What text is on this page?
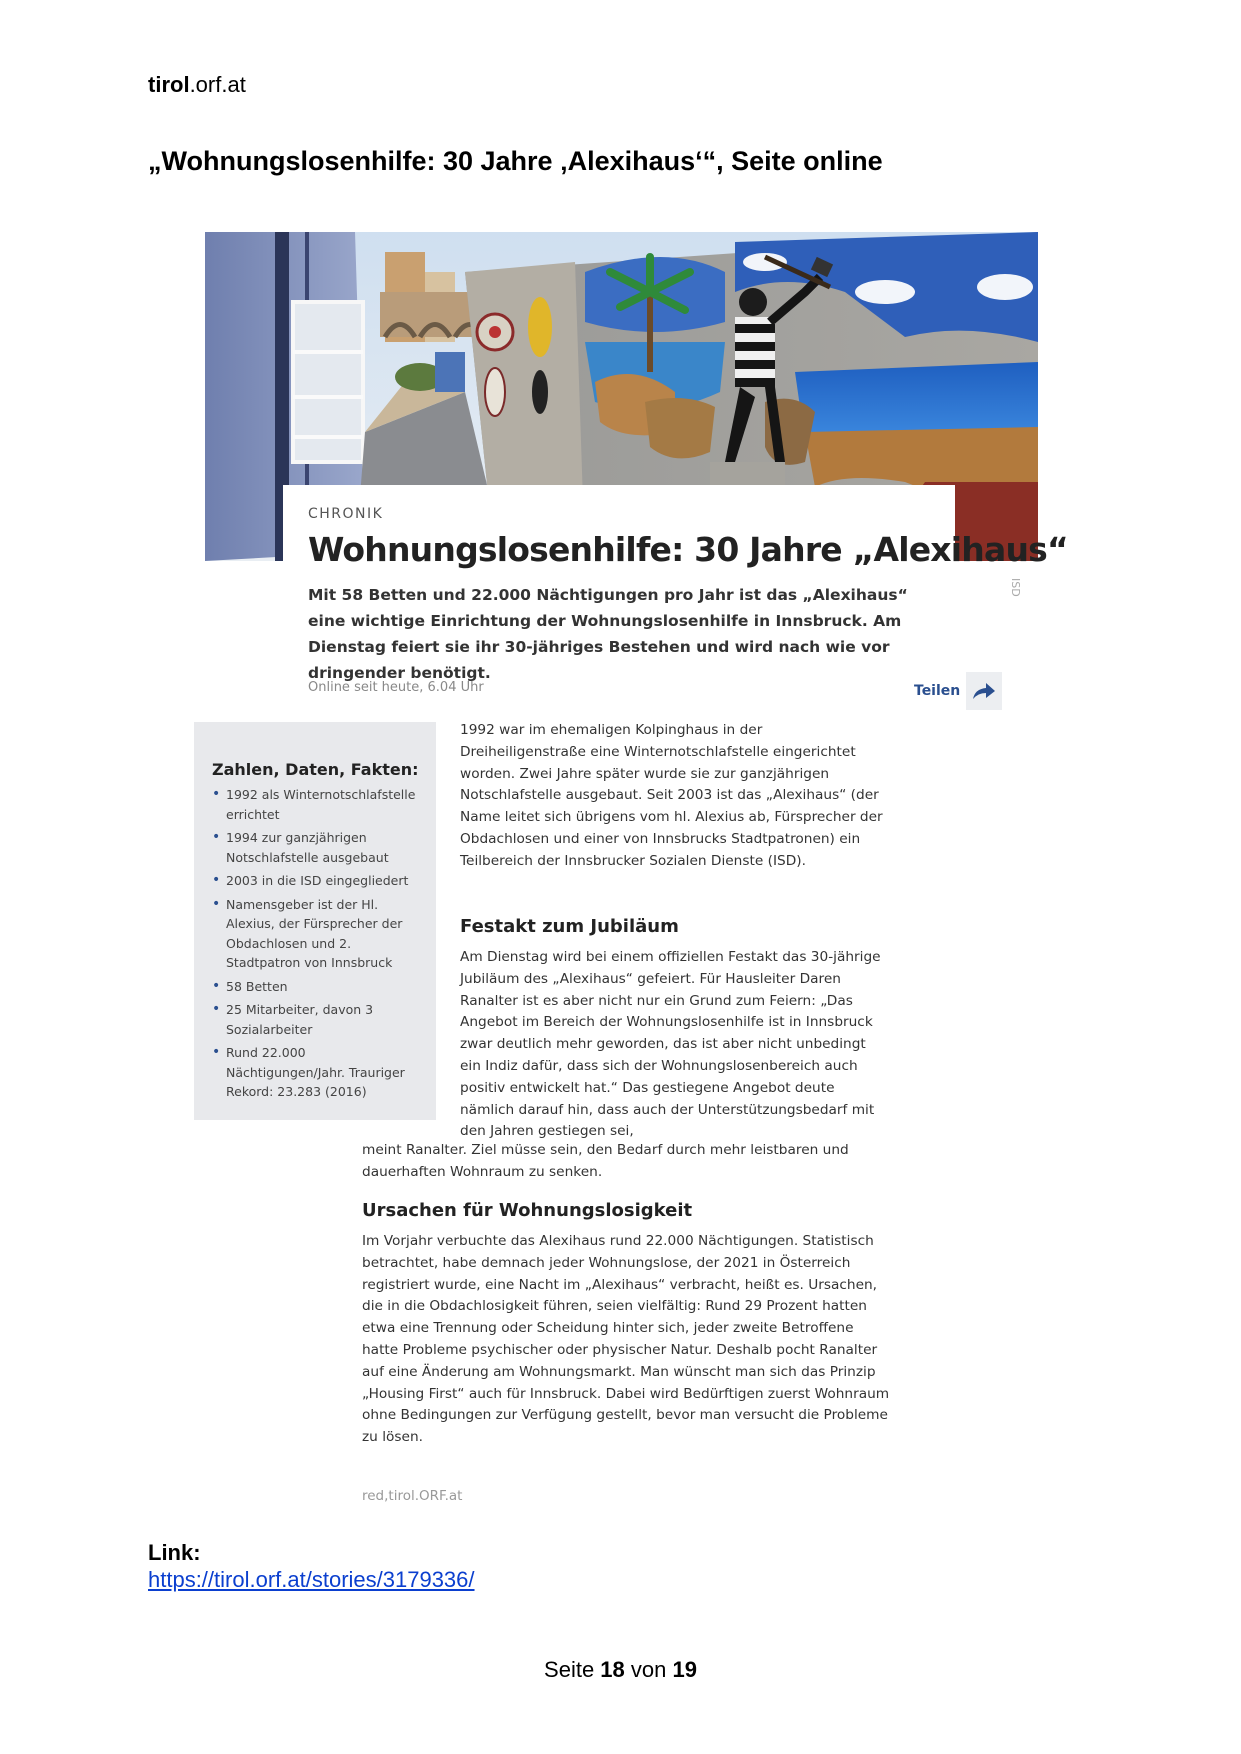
tirol.orf.at
„Wohnungslosenhilfe: 30 Jahre ‚Alexihaus‘“, Seite online
ISD
CHRONIK
Wohnungslosenhilfe: 30 Jahre „Alexihaus“
Mit 58 Betten und 22.000 Nächtigungen pro Jahr ist das „Alexihaus“ eine wichtige Einrichtung der Wohnungslosenhilfe in Innsbruck. Am Dienstag feiert sie ihr 30-jähriges Bestehen und wird nach wie vor dringender benötigt.
Online seit heute, 6.04 Uhr	Teilen
Zahlen, Daten, Fakten:
• 1992 als Winternotschlafstelle errichtet
• 1994 zur ganzjährigen Notschlafstelle ausgebaut
• 2003 in die ISD eingegliedert
• Namensgeber ist der Hl. Alexius, der Fürsprecher der Obdachlosen und 2. Stadtpatron von Innsbruck
• 58 Betten
• 25 Mitarbeiter, davon 3 Sozialarbeiter
• Rund 22.000 Nächtigungen/Jahr. Trauriger Rekord: 23.283 (2016)
1992 war im ehemaligen Kolpinghaus in der Dreiheiligenstraße eine Winternotschlafstelle eingerichtet worden. Zwei Jahre später wurde sie zur ganzjährigen Notschlafstelle ausgebaut. Seit 2003 ist das „Alexihaus“ (der Name leitet sich übrigens vom hl. Alexius ab, Fürsprecher der Obdachlosen und einer von Innsbrucks Stadtpatronen) ein Teilbereich der Innsbrucker Sozialen Dienste (ISD).
Festakt zum Jubiläum
Am Dienstag wird bei einem offiziellen Festakt das 30-jährige Jubiläum des „Alexihaus“ gefeiert. Für Hausleiter Daren Ranalter ist es aber nicht nur ein Grund zum Feiern: „Das Angebot im Bereich der Wohnungslosenhilfe ist in Innsbruck zwar deutlich mehr geworden, das ist aber nicht unbedingt ein Indiz dafür, dass sich der Wohnungslosenbereich auch positiv entwickelt hat.“ Das gestiegene Angebot deute nämlich darauf hin, dass auch der Unterstützungsbedarf mit den Jahren gestiegen sei,
meint Ranalter. Ziel müsse sein, den Bedarf durch mehr leistbaren und dauerhaften Wohnraum zu senken.
Ursachen für Wohnungslosigkeit
Im Vorjahr verbuchte das Alexihaus rund 22.000 Nächtigungen. Statistisch betrachtet, habe demnach jeder Wohnungslose, der 2021 in Österreich registriert wurde, eine Nacht im „Alexihaus“ verbracht, heißt es. Ursachen, die in die Obdachlosigkeit führen, seien vielfältig: Rund 29 Prozent hatten etwa eine Trennung oder Scheidung hinter sich, jeder zweite Betroffene hatte Probleme psychischer oder physischer Natur. Deshalb pocht Ranalter auf eine Änderung am Wohnungsmarkt. Man wünscht man sich das Prinzip „Housing First“ auch für Innsbruck. Dabei wird Bedürftigen zuerst Wohnraum ohne Bedingungen zur Verfügung gestellt, bevor man versucht die Probleme zu lösen.
red,tirol.ORF.at
Link:
https://tirol.orf.at/stories/3179336/
Seite 18 von 19
